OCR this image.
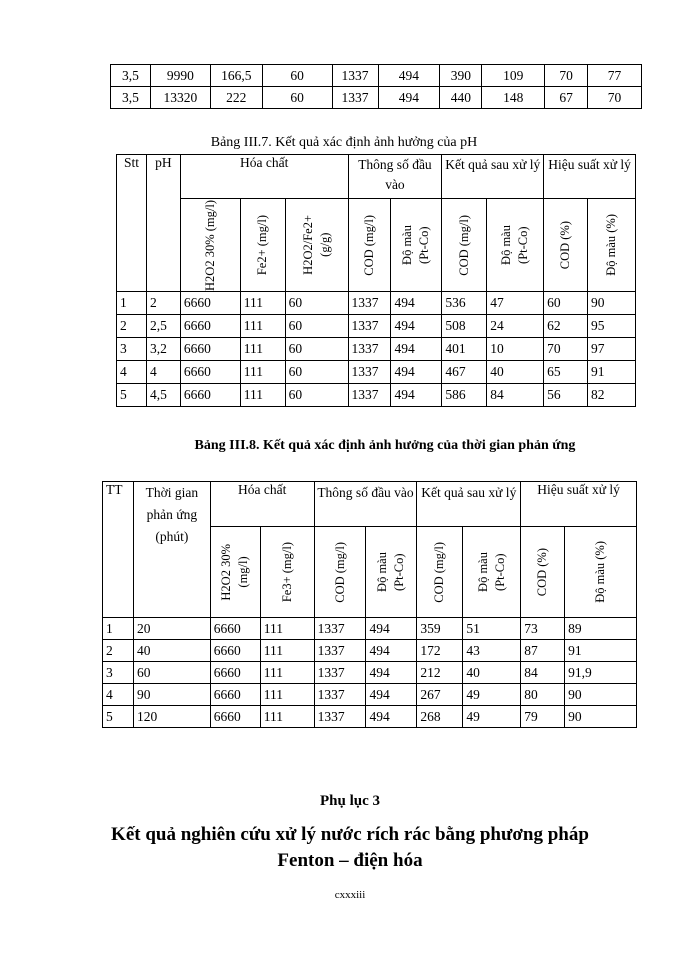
3,5	9990	166,5	60	1337	494	390	109	70	77
3,5	13320	222	60	1337	494	440	148	67	70
Bảng III.7. Kết quả xác định ảnh hưởng của pH
Stt	pH	Hóa chất			Thông số đầu vào		Kết quả sau xử lý		Hiệu suất xử lý	

		H2O2 30% (mg/l)	Fe2+ (mg/l)	H2O2/Fe2+ (g/g)	COD (mg/l)	Độ màu (Pt-Co)	COD (mg/l)	Độ màu (Pt-Co)	COD (%)	Độ màu (%)

1	2	6660	111	60	1337	494	536	47	60	90
2	2,5	6660	111	60	1337	494	508	24	62	95
3	3,2	6660	111	60	1337	494	401	10	70	97
4	4	6660	111	60	1337	494	467	40	65	91
5	4,5	6660	111	60	1337	494	586	84	56	82
Bảng III.8. Kết quả xác định ảnh hưởng của thời gian phản ứng
TT	Thời gian phản ứng (phút)	Hóa chất		Thông số đầu vào		Kết quả sau xử lý		Hiệu suất xử lý	

		H2O2 30% (mg/l)	Fe3+ (mg/l)	COD (mg/l)	Độ màu (Pt-Co)	COD (mg/l)	Độ màu (Pt-Co)	COD (%)	Độ màu (%)

1	20	6660	111	1337	494	359	51	73	89
2	40	6660	111	1337	494	172	43	87	91
3	60	6660	111	1337	494	212	40	84	91,9
4	90	6660	111	1337	494	267	49	80	90
5	120	6660	111	1337	494	268	49	79	90
Phụ lục 3
Kết quả nghiên cứu xử lý nước rích rác bằng phương pháp
Fenton – điện hóa
cxxxiii
